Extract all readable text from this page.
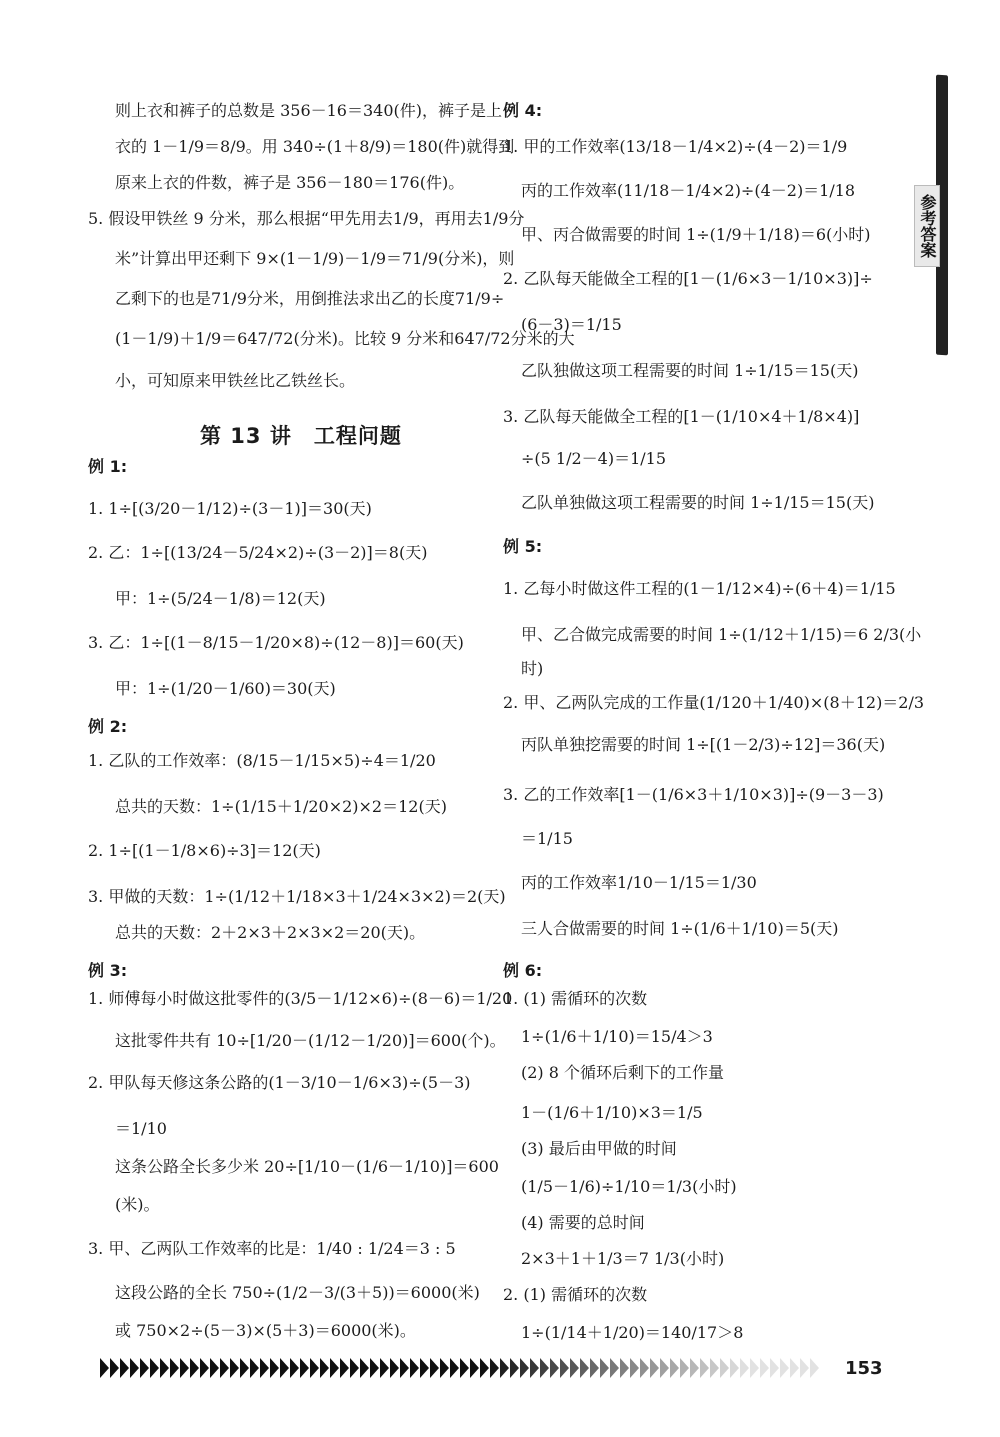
参考答案
第 13 讲　工程问题
则上衣和裤子的总数是 356－16＝340(件)，裤子是上
衣的 1－1/9＝8/9。用 340÷(1＋8/9)＝180(件)就得到
原来上衣的件数，裤子是 356－180＝176(件)。
5. 假设甲铁丝 9 分米，那么根据“甲先用去1/9，再用去1/9分
米”计算出甲还剩下 9×(1－1/9)－1/9＝71/9(分米)，则
乙剩下的也是71/9分米，用倒推法求出乙的长度71/9÷
(1－1/9)＋1/9＝647/72(分米)。比较 9 分米和647/72分米的大
小，可知原来甲铁丝比乙铁丝长。
例 1:
1. 1÷[(3/20－1/12)÷(3－1)]＝30(天)
2. 乙：1÷[(13/24－5/24×2)÷(3－2)]＝8(天)
甲：1÷(5/24－1/8)＝12(天)
3. 乙：1÷[(1－8/15－1/20×8)÷(12－8)]＝60(天)
甲：1÷(1/20－1/60)＝30(天)
例 2:
1. 乙队的工作效率：(8/15－1/15×5)÷4＝1/20
总共的天数：1÷(1/15＋1/20×2)×2＝12(天)
2. 1÷[(1－1/8×6)÷3]＝12(天)
3. 甲做的天数：1÷(1/12＋1/18×3＋1/24×3×2)＝2(天)
总共的天数：2＋2×3＋2×3×2＝20(天)。
例 3:
1. 师傅每小时做这批零件的(3/5－1/12×6)÷(8－6)＝1/20
这批零件共有 10÷[1/20－(1/12－1/20)]＝600(个)。
2. 甲队每天修这条公路的(1－3/10－1/6×3)÷(5－3)
＝1/10
这条公路全长多少米 20÷[1/10－(1/6－1/10)]＝600
(米)。
3. 甲、乙两队工作效率的比是：1/40 : 1/24＝3 : 5
这段公路的全长 750÷(1/2－3/(3＋5))＝6000(米)
或 750×2÷(5－3)×(5＋3)＝6000(米)。
例 4:
1. 甲的工作效率(13/18－1/4×2)÷(4－2)＝1/9
丙的工作效率(11/18－1/4×2)÷(4－2)＝1/18
甲、丙合做需要的时间 1÷(1/9＋1/18)＝6(小时)
2. 乙队每天能做全工程的[1－(1/6×3－1/10×3)]÷
(6－3)＝1/15
乙队独做这项工程需要的时间 1÷1/15＝15(天)
3. 乙队每天能做全工程的[1－(1/10×4＋1/8×4)]
÷(5 1/2－4)＝1/15
乙队单独做这项工程需要的时间 1÷1/15＝15(天)
例 5:
1. 乙每小时做这件工程的(1－1/12×4)÷(6＋4)＝1/15
甲、乙合做完成需要的时间 1÷(1/12＋1/15)＝6 2/3(小
时)
2. 甲、乙两队完成的工作量(1/120＋1/40)×(8＋12)＝2/3
丙队单独挖需要的时间 1÷[(1－2/3)÷12]＝36(天)
3. 乙的工作效率[1－(1/6×3＋1/10×3)]÷(9－3－3)
＝1/15
丙的工作效率1/10－1/15＝1/30
三人合做需要的时间 1÷(1/6＋1/10)＝5(天)
例 6:
1. (1) 需循环的次数
1÷(1/6＋1/10)＝15/4＞3
(2) 8 个循环后剩下的工作量
1－(1/6＋1/10)×3＝1/5
(3) 最后由甲做的时间
(1/5－1/6)÷1/10＝1/3(小时)
(4) 需要的总时间
2×3＋1＋1/3＝7 1/3(小时)
2. (1) 需循环的次数
1÷(1/14＋1/20)＝140/17＞8
153
